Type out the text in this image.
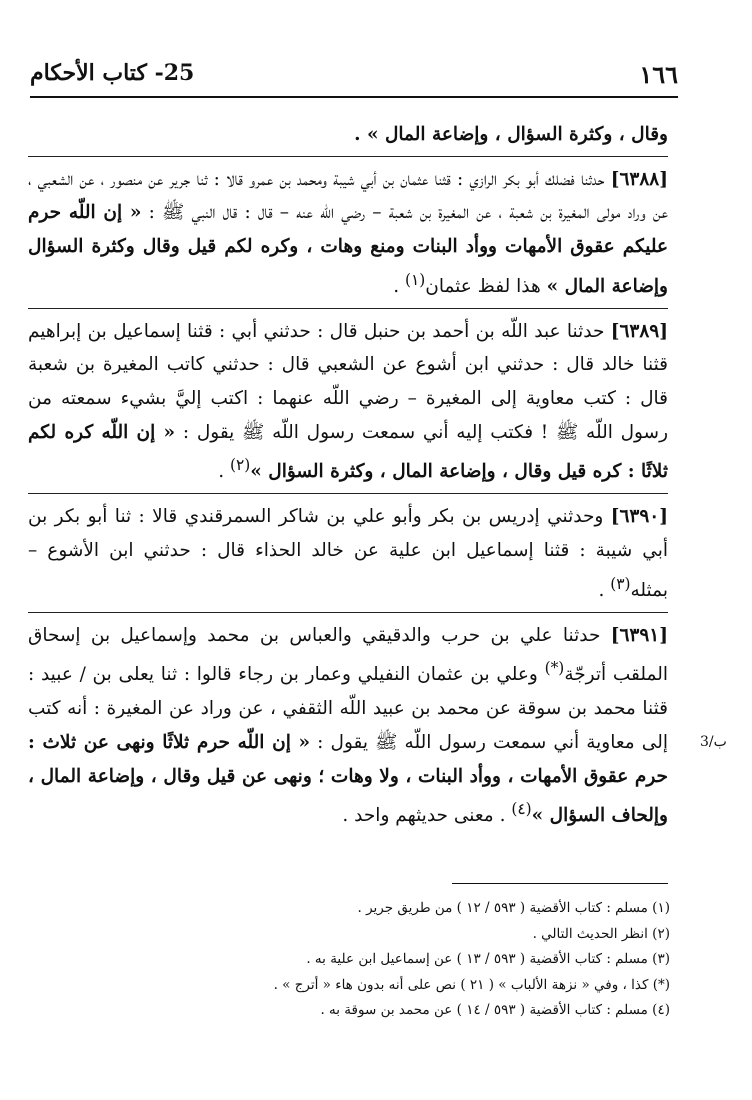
١٦٦
25- كتاب الأحكام

وقال ، وكثرة السؤال ، وإضاعة المال » .

[٦٣٨٨] حدثنا فضلك أبو بكر الرازي : قثنا عثمان بن أبي شيبة ومحمد بن عمرو قالا : ثنا جرير عن منصور ، عن الشعبي ، عن وراد مولى المغيرة بن شعبة ، عن المغيرة بن شعبة – رضي اللّه عنه – قال : قال النبي ﷺ : « إن اللّه حرم عليكم عقوق الأمهات ووأد البنات ومنع وهات ، وكره لكم قيل وقال وكثرة السؤال وإضاعة المال » هذا لفظ عثمان$^{(١)}$ .

[٦٣٨٩] حدثنا عبد اللّه بن أحمد بن حنبل قال : حدثني أبي : قثنا إسماعيل بن إبراهيم قثنا خالد قال : حدثني ابن أشوع عن الشعبي قال : حدثني كاتب المغيرة بن شعبة قال : كتب معاوية إلى المغيرة – رضي اللّه عنهما : اكتب إليَّ بشيء سمعته من رسول اللّه ﷺ ! فكتب إليه أني سمعت رسول اللّه ﷺ يقول : « إن اللّه كره لكم ثلاثًا : كره قيل وقال ، وإضاعة المال ، وكثرة السؤال »$^{(٢)}$ .

[٦٣٩٠] وحدثني إدريس بن بكر وأبو علي بن شاكر السمرقندي قالا : ثنا أبو بكر بن أبي شيبة : قثنا إسماعيل ابن علية عن خالد الحذاء قال : حدثني ابن الأشوع – بمثله$^{(٣)}$ .

[٦٣٩١] حدثنا علي بن حرب والدقيقي والعباس بن محمد وإسماعيل بن إسحاق الملقب أترجّة(*) وعلي بن عثمان النفيلي وعمار بن رجاء قالوا : ثنا يعلى بن / عبيد : قثنا محمد بن سوقة عن محمد بن عبيد اللّه الثقفي ، عن وراد عن المغيرة : أنه كتب إلى معاوية أني سمعت رسول اللّه ﷺ يقول : « إن اللّه حرم ثلاثًا ونهى عن ثلاث : حرم عقوق الأمهات ، ووأد البنات ، ولا وهات ؛ ونهى عن قيل وقال ، وإضاعة المال ، وإلحاف السؤال »$^{(٤)}$ . معنى حديثهم واحد .

3/ب

(١) مسلم : كتاب الأقضية ( ٥٩٣ / ١٢ ) من طريق جرير .

(٢) انظر الحديث التالي .

(٣) مسلم : كتاب الأقضية ( ٥٩٣ / ١٣ ) عن إسماعيل ابن علية به .

(*) كذا ، وفي « نزهة الألباب » ( ٢١ ) نص على أنه بدون هاء « أترج » .

(٤) مسلم : كتاب الأقضية ( ٥٩٣ / ١٤ ) عن محمد بن سوقة به .
